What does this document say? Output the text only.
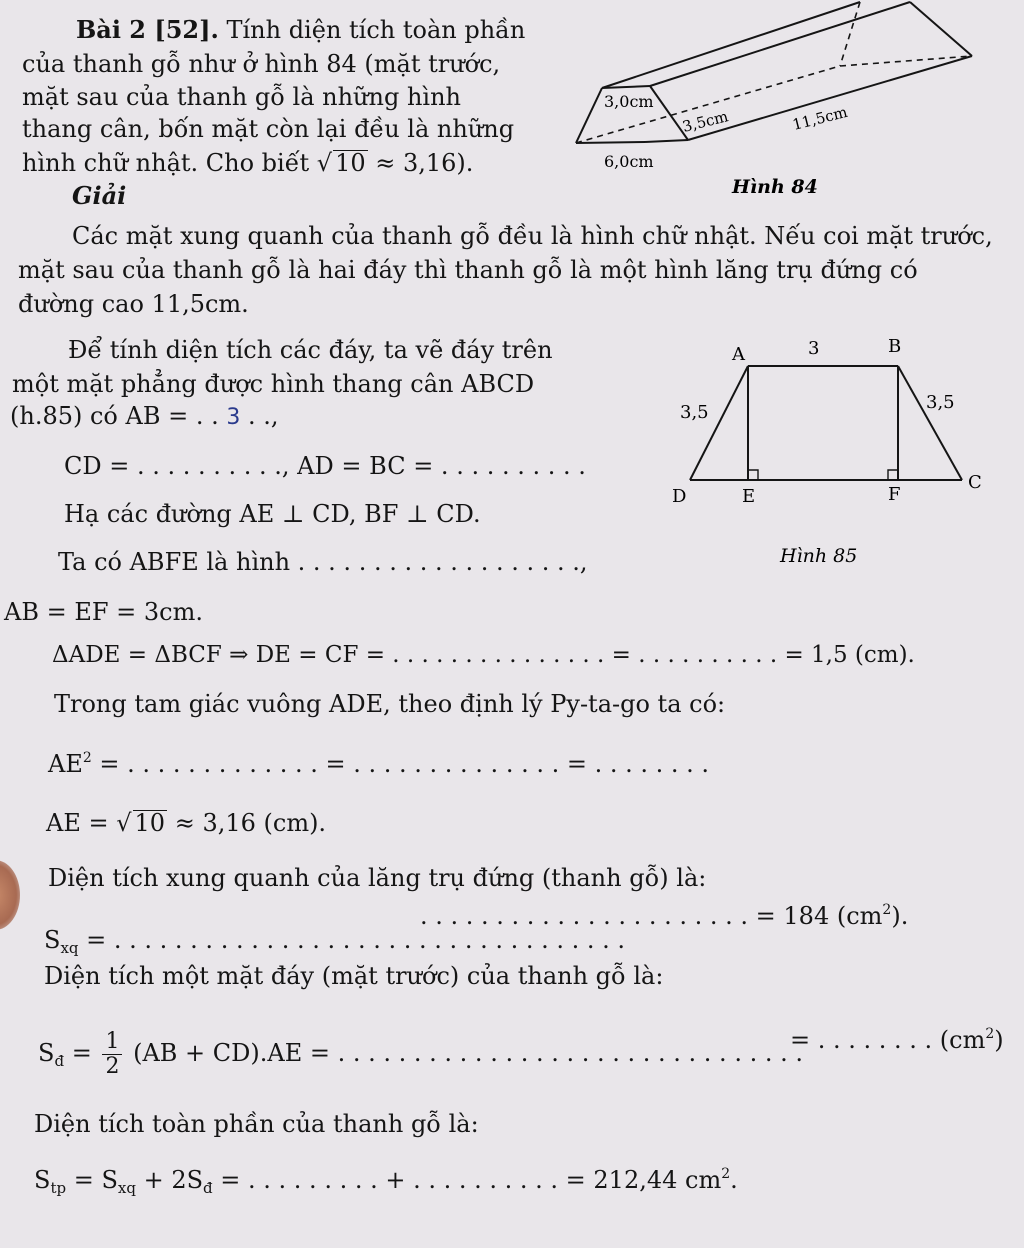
Bài 2 [52]. Tính diện tích toàn phần
của thanh gỗ như ở hình 84 (mặt trước,
mặt sau của thanh gỗ là những hình
thang cân, bốn mặt còn lại đều là những
hình chữ nhật. Cho biết √ 10 ≈ 3,16).
Giải
3,0cm
3,5cm	11,5cm
6,0cm
Hình 84
Các mặt xung quanh của thanh gỗ đều là hình chữ nhật. Nếu coi mặt trước,
mặt sau của thanh gỗ là hai đáy thì thanh gỗ là một hình lăng trụ đứng có
đường cao 11,5cm.
Để tính diện tích các đáy, ta vẽ đáy trên
một mặt phẳng được hình thang cân ABCD
(h.85) có AB = . . 3 . .,
CD = . . . . . . . . . ., AD = BC = . . . . . . . . . .
Hạ các đường AE ⊥ CD, BF ⊥ CD.
Ta có ABFE là hình . . . . . . . . . . . . . . . . . . .,
AB = EF = 3cm.
A	B
C
D	E	F
3
3,5	3,5
Hình 85
ΔADE = ΔBCF ⇒ DE = CF = . . . . . . . . . . . . . . . = . . . . . . . . . . = 1,5 (cm).
Trong tam giác vuông ADE, theo định lý Py-ta-go ta có:
$AE^2$ = . . . . . . . . . . . . . = . . . . . . . . . . . . . . = . . . . . . . .
AE = √ 10 ≈ 3,16 (cm).
Diện tích xung quanh của lăng trụ đứng (thanh gỗ) là:
. . . . . . . . . . . . . . . . . . . . . . = 184 $(cm^2)$.
$S_{xq}$ = . . . . . . . . . . . . . . . . . . . . . . . . . . . . . . . . . .
Diện tích một mặt đáy (mặt trước) của thanh gỗ là:
= . . . . . . . . $(cm^2)$
$S_đ = \frac{1}{2} (AB + CD).AE$ = . . . . . . . . . . . . . . . . . . . . . . . . . . . . . . .
Diện tích toàn phần của thanh gỗ là:
$S_{tp} = S_{xq} + 2S_đ$ = . . . . . . . . . + . . . . . . . . . . = 212,44 $cm^2$.
